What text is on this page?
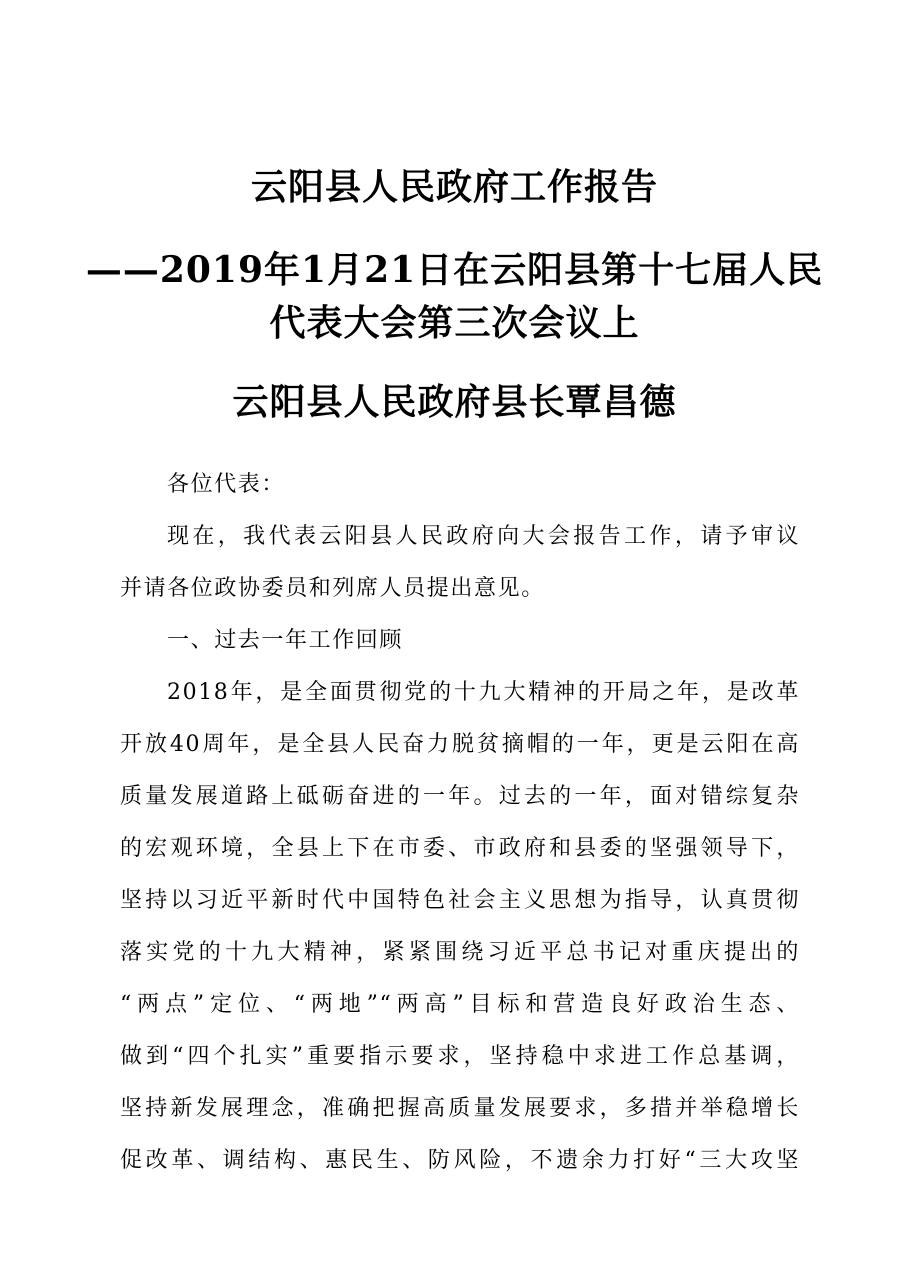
云阳县人民政府工作报告
——2019年1月21日在云阳县第十七届人民
代表大会第三次会议上
云阳县人民政府县长覃昌德
各位代表：
现在，我代表云阳县人民政府向大会报告工作，请予审议
并请各位政协委员和列席人员提出意见。
一、过去一年工作回顾
2018年，是全面贯彻党的十九大精神的开局之年，是改革
开放40周年，是全县人民奋力脱贫摘帽的一年，更是云阳在高
质量发展道路上砥砺奋进的一年。过去的一年，面对错综复杂
的宏观环境，全县上下在市委、市政府和县委的坚强领导下，
坚持以习近平新时代中国特色社会主义思想为指导，认真贯彻
落实党的十九大精神，紧紧围绕习近平总书记对重庆提出的
“两点”定位、“两地”“两高”目标和营造良好政治生态、
做到“四个扎实”重要指示要求，坚持稳中求进工作总基调，
坚持新发展理念，准确把握高质量发展要求，多措并举稳增长
促改革、调结构、惠民生、防风险，不遗余力打好“三大攻坚
